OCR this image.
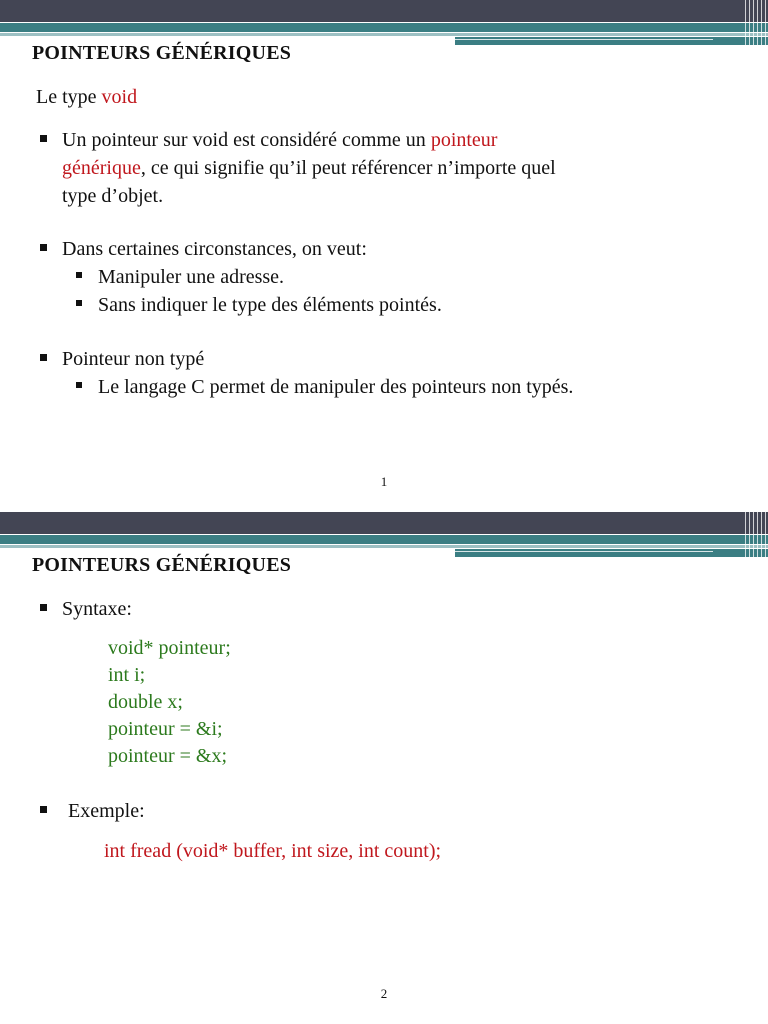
POINTEURS GÉNÉRIQUES
Le type void
Un pointeur sur void est considéré comme un pointeur
générique, ce qui signifie qu’il peut référencer n’importe quel
type d’objet.
Dans certaines circonstances, on veut:
Manipuler une adresse.
Sans indiquer le type des éléments pointés.
Pointeur non typé
Le langage C permet de manipuler des pointeurs non typés.
1
POINTEURS GÉNÉRIQUES
Syntaxe:
void* pointeur;
int i;
double x;
pointeur = &i;
pointeur = &x;
Exemple:
int fread (void* buffer, int size, int count);
2
